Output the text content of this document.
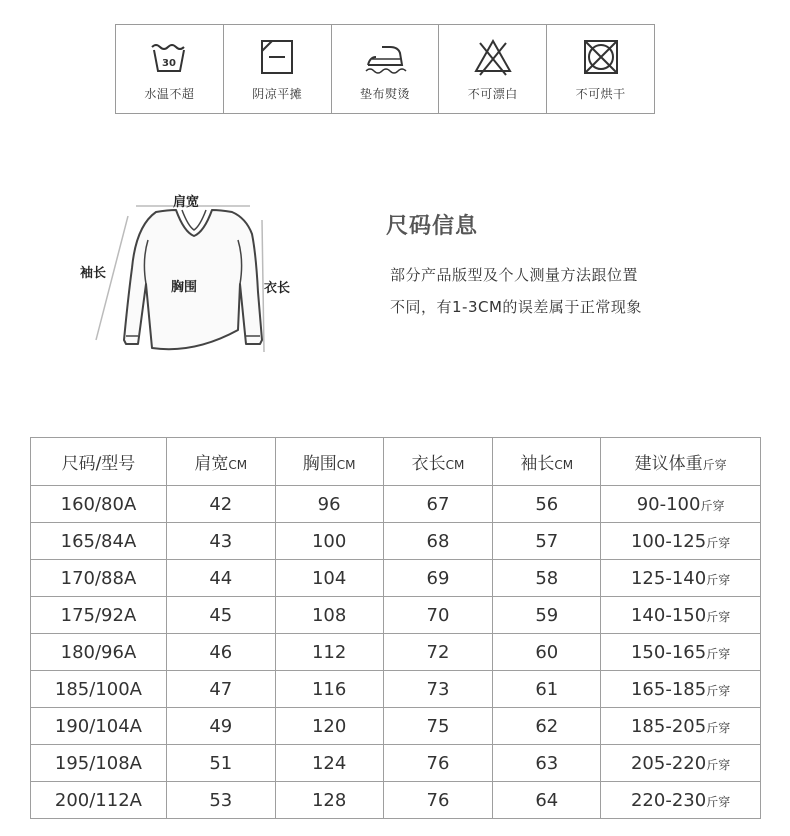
30
水温不超	阴凉平摊	垫布熨烫	不可漂白	不可烘干
肩宽
袖长
胸围	衣长
尺码信息
部分产品版型及个人测量方法跟位置
不同，有1-3CM的误差属于正常现象
尺码/型号	肩宽CM	胸围CM	衣长CM	袖长CM	建议体重斤穿
160/80A	42	96	67	56	90-100斤穿
165/84A	43	100	68	57	100-125斤穿
170/88A	44	104	69	58	125-140斤穿
175/92A	45	108	70	59	140-150斤穿
180/96A	46	112	72	60	150-165斤穿
185/100A	47	116	73	61	165-185斤穿
190/104A	49	120	75	62	185-205斤穿
195/108A	51	124	76	63	205-220斤穿
200/112A	53	128	76	64	220-230斤穿
